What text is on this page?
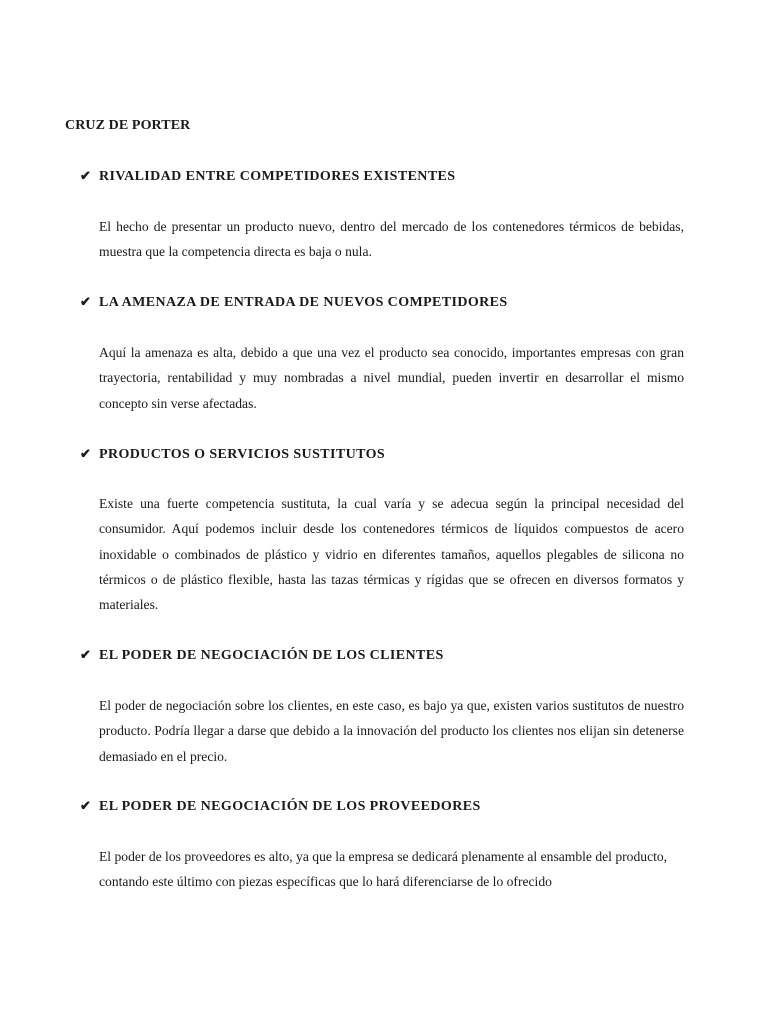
CRUZ DE PORTER
✔ RIVALIDAD ENTRE COMPETIDORES EXISTENTES
El hecho de presentar un producto nuevo, dentro del mercado de los contenedores térmicos de bebidas, muestra que la competencia directa es baja o nula.
✔ LA AMENAZA DE ENTRADA DE NUEVOS COMPETIDORES
Aquí la amenaza es alta, debido a que una vez el producto sea conocido, importantes empresas con gran trayectoria, rentabilidad y muy nombradas a nivel mundial, pueden invertir en desarrollar el mismo concepto sin verse afectadas.
✔ PRODUCTOS O SERVICIOS SUSTITUTOS
Existe una fuerte competencia sustituta, la cual varía y se adecua según la principal necesidad del consumidor. Aquí podemos incluir desde los contenedores térmicos de líquidos compuestos de acero inoxidable o combinados de plástico y vidrio en diferentes tamaños, aquellos plegables de silicona no térmicos o de plástico flexible, hasta las tazas térmicas y rígidas que se ofrecen en diversos formatos y materiales.
✔ EL PODER DE NEGOCIACIÓN DE LOS CLIENTES
El poder de negociación sobre los clientes, en este caso, es bajo ya que, existen varios sustitutos de nuestro producto. Podría llegar a darse que debido a la innovación del producto los clientes nos elijan sin detenerse demasiado en el precio.
✔ EL PODER DE NEGOCIACIÓN DE LOS PROVEEDORES
El poder de los proveedores es alto, ya que la empresa se dedicará plenamente al ensamble del producto, contando este último con piezas específicas que lo hará diferenciarse de lo ofrecido
